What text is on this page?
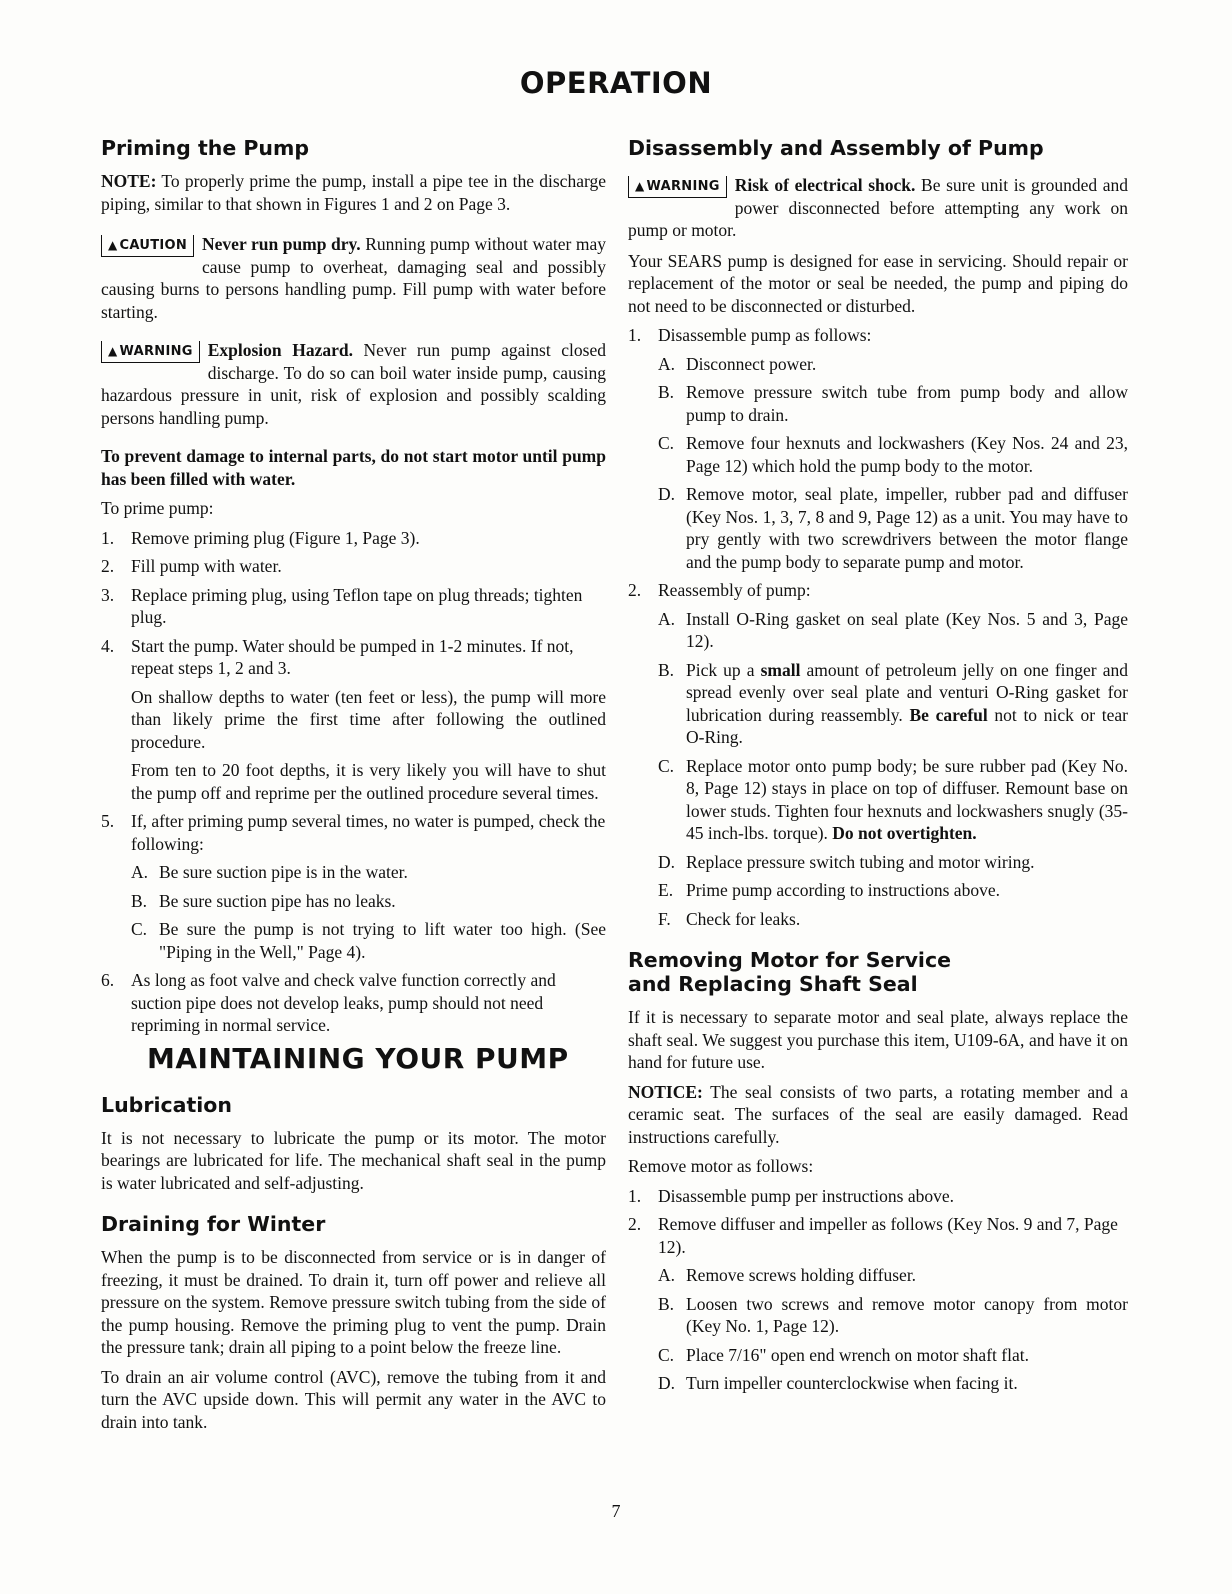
OPERATION
Priming the Pump

NOTE: To properly prime the pump, install a pipe tee in the discharge piping, similar to that shown in Figures 1 and 2 on Page 3.

▲ CAUTION Never run pump dry. Running pump without water may cause pump to overheat, damaging seal and possibly causing burns to persons handling pump. Fill pump with water before starting.
▲ WARNING Explosion Hazard. Never run pump against closed discharge. To do so can boil water inside pump, causing hazardous pressure in unit, risk of explosion and possibly scalding persons handling pump.

To prevent damage to internal parts, do not start motor until pump has been filled with water.

To prime pump:

1. Remove priming plug (Figure 1, Page 3).
2. Fill pump with water.
3. Replace priming plug, using Teflon tape on plug threads; tighten plug.
4. Start the pump. Water should be pumped in 1-2 minutes. If not, repeat steps 1, 2 and 3.

On shallow depths to water (ten feet or less), the pump will more than likely prime the first time after following the outlined procedure.

From ten to 20 foot depths, it is very likely you will have to shut the pump off and reprime per the outlined procedure several times.

5. If, after priming pump several times, no water is pumped, check the following:
A. Be sure suction pipe is in the water.
B. Be sure suction pipe has no leaks.
C. Be sure the pump is not trying to lift water too high. (See "Piping in the Well," Page 4).
6. As long as foot valve and check valve function correctly and suction pipe does not develop leaks, pump should not need repriming in normal service.
MAINTAINING YOUR PUMP
Lubrication

It is not necessary to lubricate the pump or its motor. The motor bearings are lubricated for life. The mechanical shaft seal in the pump is water lubricated and self-adjusting.

Draining for Winter

When the pump is to be disconnected from service or is in danger of freezing, it must be drained. To drain it, turn off power and relieve all pressure on the system. Remove pressure switch tubing from the side of the pump housing. Remove the priming plug to vent the pump. Drain the pressure tank; drain all piping to a point below the freeze line.

To drain an air volume control (AVC), remove the tubing from it and turn the AVC upside down. This will permit any water in the AVC to drain into tank.

Disassembly and Assembly of Pump
▲ WARNING Risk of electrical shock. Be sure unit is grounded and power disconnected before attempting any work on pump or motor.

Your SEARS pump is designed for ease in servicing. Should repair or replacement of the motor or seal be needed, the pump and piping do not need to be disconnected or disturbed.

1. Disassemble pump as follows:
A. Disconnect power.
B. Remove pressure switch tube from pump body and allow pump to drain.
C. Remove four hexnuts and lockwashers (Key Nos. 24 and 23, Page 12) which hold the pump body to the motor.
D. Remove motor, seal plate, impeller, rubber pad and diffuser (Key Nos. 1, 3, 7, 8 and 9, Page 12) as a unit. You may have to pry gently with two screwdrivers between the motor flange and the pump body to separate pump and motor.
2. Reassembly of pump:
A. Install O-Ring gasket on seal plate (Key Nos. 5 and 3, Page 12).
B. Pick up a small amount of petroleum jelly on one finger and spread evenly over seal plate and venturi O-Ring gasket for lubrication during reassembly. Be careful not to nick or tear O-Ring.
C. Replace motor onto pump body; be sure rubber pad (Key No. 8, Page 12) stays in place on top of diffuser. Remount base on lower studs. Tighten four hexnuts and lockwashers snugly (35-45 inch-lbs. torque). Do not overtighten.
D. Replace pressure switch tubing and motor wiring.
E. Prime pump according to instructions above.
F. Check for leaks.
Removing Motor for Service
and Replacing Shaft Seal

If it is necessary to separate motor and seal plate, always replace the shaft seal. We suggest you purchase this item, U109-6A, and have it on hand for future use.

NOTICE: The seal consists of two parts, a rotating member and a ceramic seat. The surfaces of the seal are easily damaged. Read instructions carefully.

Remove motor as follows:

1. Disassemble pump per instructions above.
2. Remove diffuser and impeller as follows (Key Nos. 9 and 7, Page 12).
A. Remove screws holding diffuser.
B. Loosen two screws and remove motor canopy from motor (Key No. 1, Page 12).
C. Place 7/16" open end wrench on motor shaft flat.
D. Turn impeller counterclockwise when facing it.
7
